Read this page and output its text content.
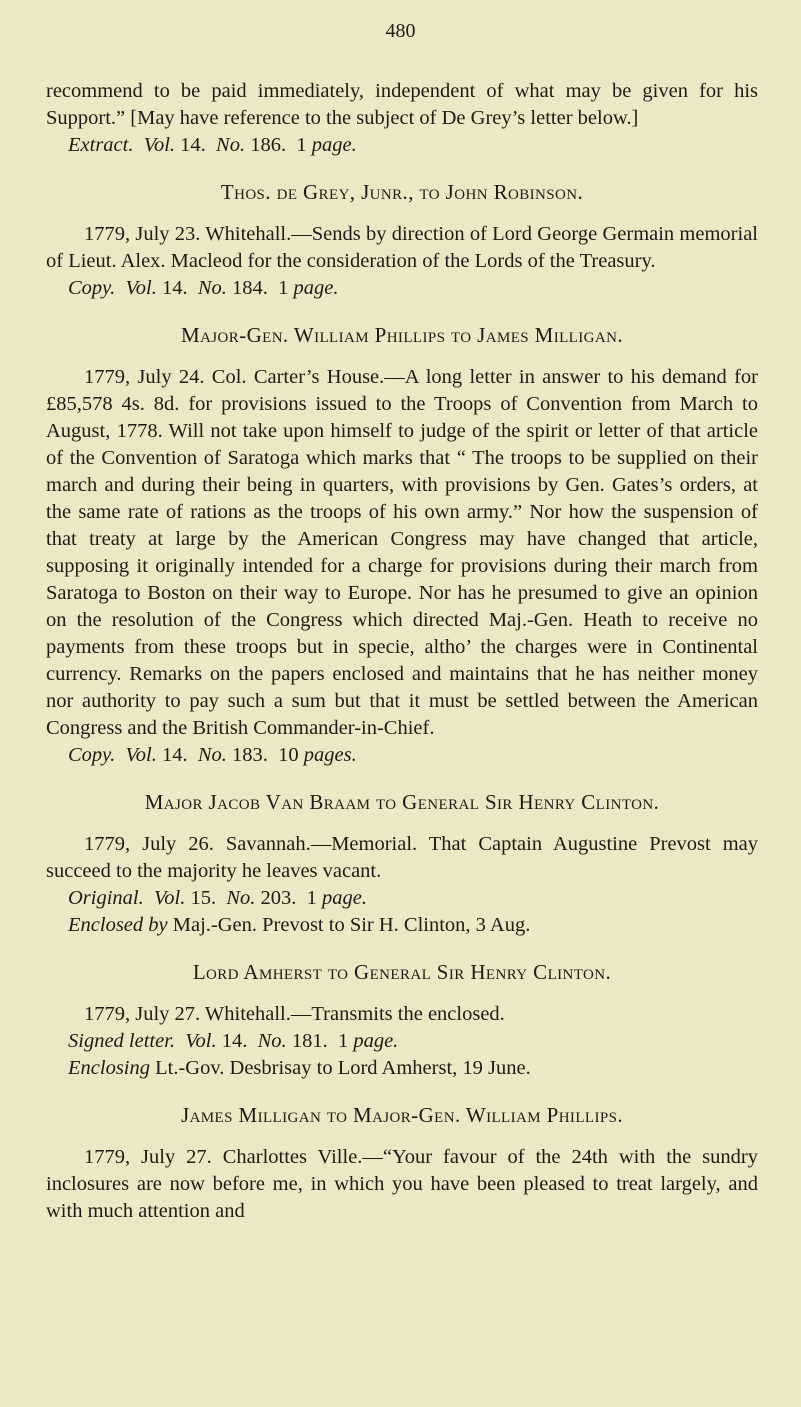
480

recommend to be paid immediately, independent of what may be given for his Support.” [May have reference to the subject of De Grey’s letter below.]

Extract. Vol. 14. No. 186. 1 page.

Thos. de Grey, Junr., to John Robinson.

1779, July 23. Whitehall.—Sends by direction of Lord George Germain memorial of Lieut. Alex. Macleod for the consideration of the Lords of the Treasury.

Copy. Vol. 14. No. 184. 1 page.

Major-Gen. William Phillips to James Milligan.

1779, July 24. Col. Carter’s House.—A long letter in answer to his demand for £85,578 4s. 8d. for provisions issued to the Troops of Convention from March to August, 1778. Will not take upon himself to judge of the spirit or letter of that article of the Convention of Saratoga which marks that “ The troops to be supplied on their march and during their being in quarters, with provisions by Gen. Gates’s orders, at the same rate of rations as the troops of his own army.” Nor how the suspension of that treaty at large by the American Congress may have changed that article, supposing it originally intended for a charge for provisions during their march from Saratoga to Boston on their way to Europe. Nor has he presumed to give an opinion on the resolution of the Congress which directed Maj.-Gen. Heath to receive no payments from these troops but in specie, altho’ the charges were in Continental currency. Remarks on the papers enclosed and maintains that he has neither money nor authority to pay such a sum but that it must be settled between the American Congress and the British Commander-in-Chief.

Copy. Vol. 14. No. 183. 10 pages.

Major Jacob Van Braam to General Sir Henry Clinton.

1779, July 26. Savannah.—Memorial. That Captain Augustine Prevost may succeed to the majority he leaves vacant.

Original. Vol. 15. No. 203. 1 page.

Enclosed by Maj.-Gen. Prevost to Sir H. Clinton, 3 Aug.

Lord Amherst to General Sir Henry Clinton.

1779, July 27. Whitehall.—Transmits the enclosed.

Signed letter. Vol. 14. No. 181. 1 page.

Enclosing Lt.-Gov. Desbrisay to Lord Amherst, 19 June.

James Milligan to Major-Gen. William Phillips.

1779, July 27. Charlottes Ville.—“Your favour of the 24th with the sundry inclosures are now before me, in which you have been pleased to treat largely, and with much attention and
